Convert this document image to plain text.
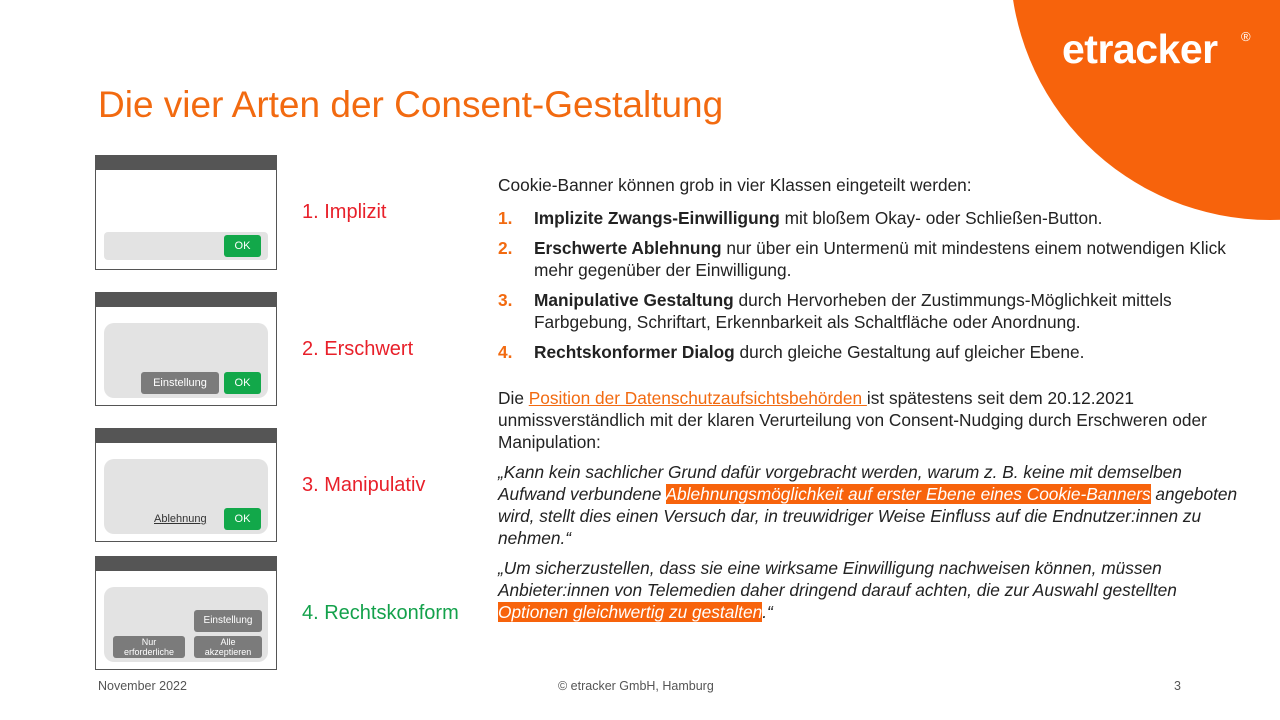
etracker ®
Die vier Arten der Consent-Gestaltung
OK
1. Implizit
Einstellung	OK
2. Erschwert
Ablehnung	OK
3. Manipulativ
Einstellung
Nur
erforderliche
Alle
akzeptieren
4. Rechtskonform

Cookie-Banner können grob in vier Klassen eingeteilt werden:

1. Implizite Zwangs-Einwilligung mit bloßem Okay- oder Schließen-Button.
2. Erschwerte Ablehnung nur über ein Untermenü mit mindestens einem notwendigen Klick mehr gegenüber der Einwilligung.
3. Manipulative Gestaltung durch Hervorheben der Zustimmungs-Möglichkeit mittels Farbgebung, Schriftart, Erkennbarkeit als Schaltfläche oder Anordnung.
4. Rechtskonformer Dialog durch gleiche Gestaltung auf gleicher Ebene.

Die Position der Datenschutzaufsichtsbehörden ist spätestens seit dem 20.12.2021 unmissverständlich mit der klaren Verurteilung von Consent-Nudging durch Erschweren oder Manipulation:

„Kann kein sachlicher Grund dafür vorgebracht werden, warum z. B. keine mit demselben Aufwand verbundene Ablehnungsmöglichkeit auf erster Ebene eines Cookie-Banners angeboten wird, stellt dies einen Versuch dar, in treuwidriger Weise Einfluss auf die Endnutzer:innen zu nehmen.“

„Um sicherzustellen, dass sie eine wirksame Einwilligung nachweisen können, müssen Anbieter:innen von Telemedien daher dringend darauf achten, die zur Auswahl gestellten Optionen gleichwertig zu gestalten.“

November 2022	© etracker GmbH, Hamburg	3
